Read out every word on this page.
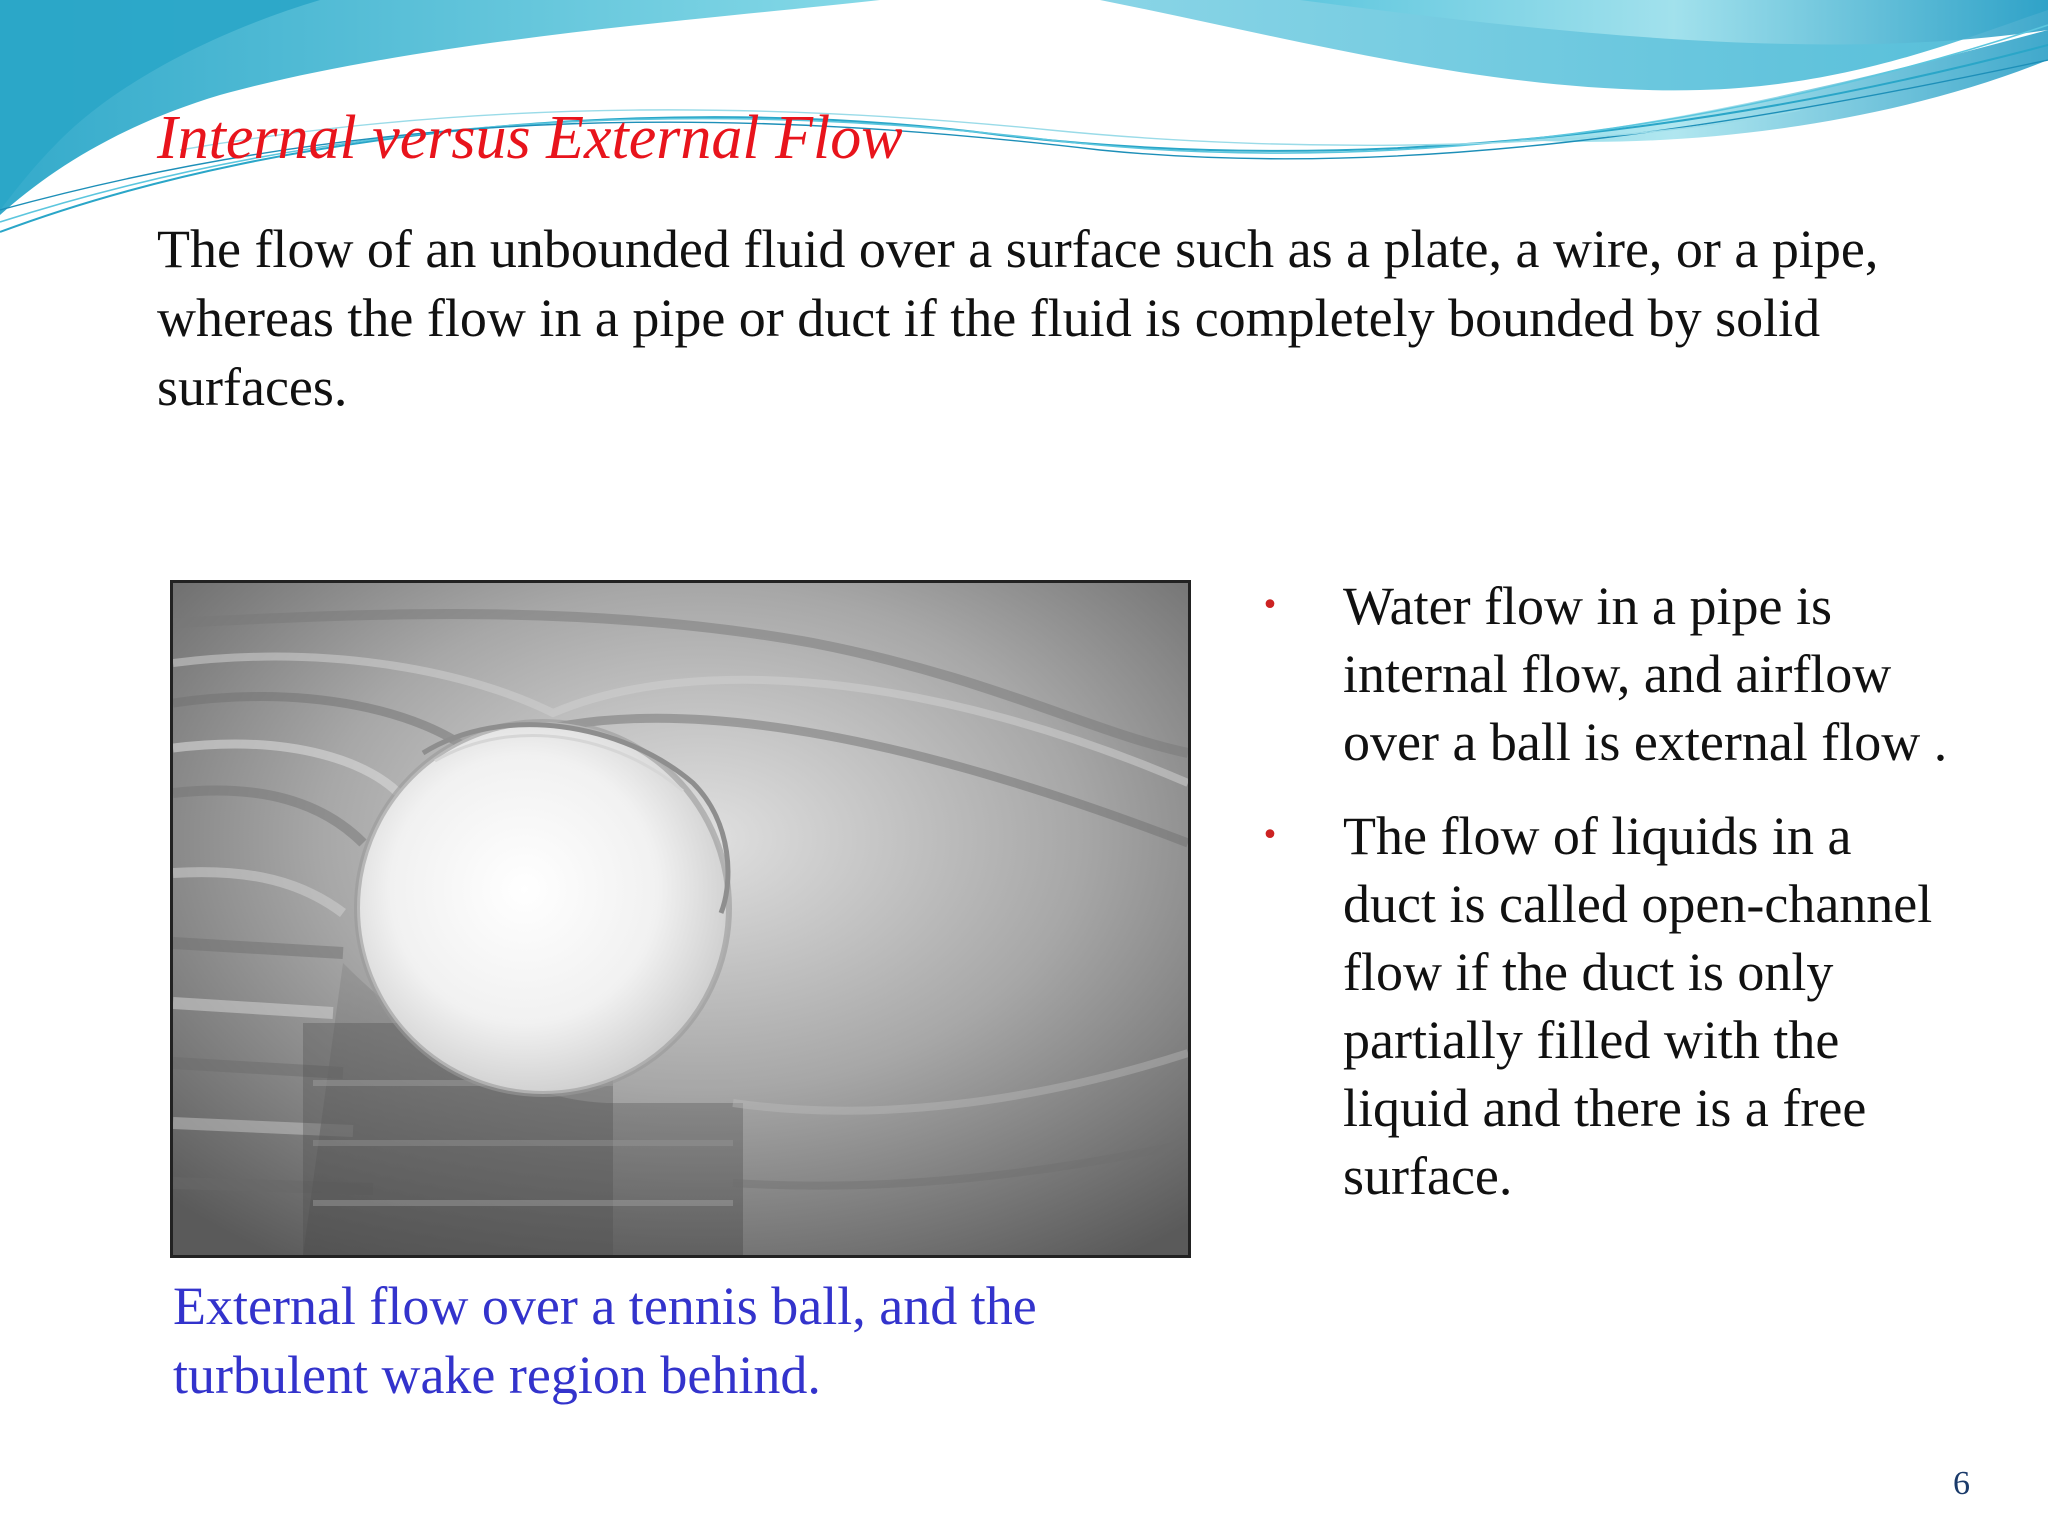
Internal versus External Flow

The flow of an unbounded fluid over a surface such as a plate, a wire, or a pipe, whereas the flow in a pipe or duct if the fluid is completely bounded by solid surfaces.

External flow over a tennis ball, and the turbulent wake region behind.

• Water flow in a pipe is internal flow, and airflow over a ball is external flow .
• The flow of liquids in a duct is called open-channel flow if the duct is only partially filled with the liquid and there is a free surface.
6
